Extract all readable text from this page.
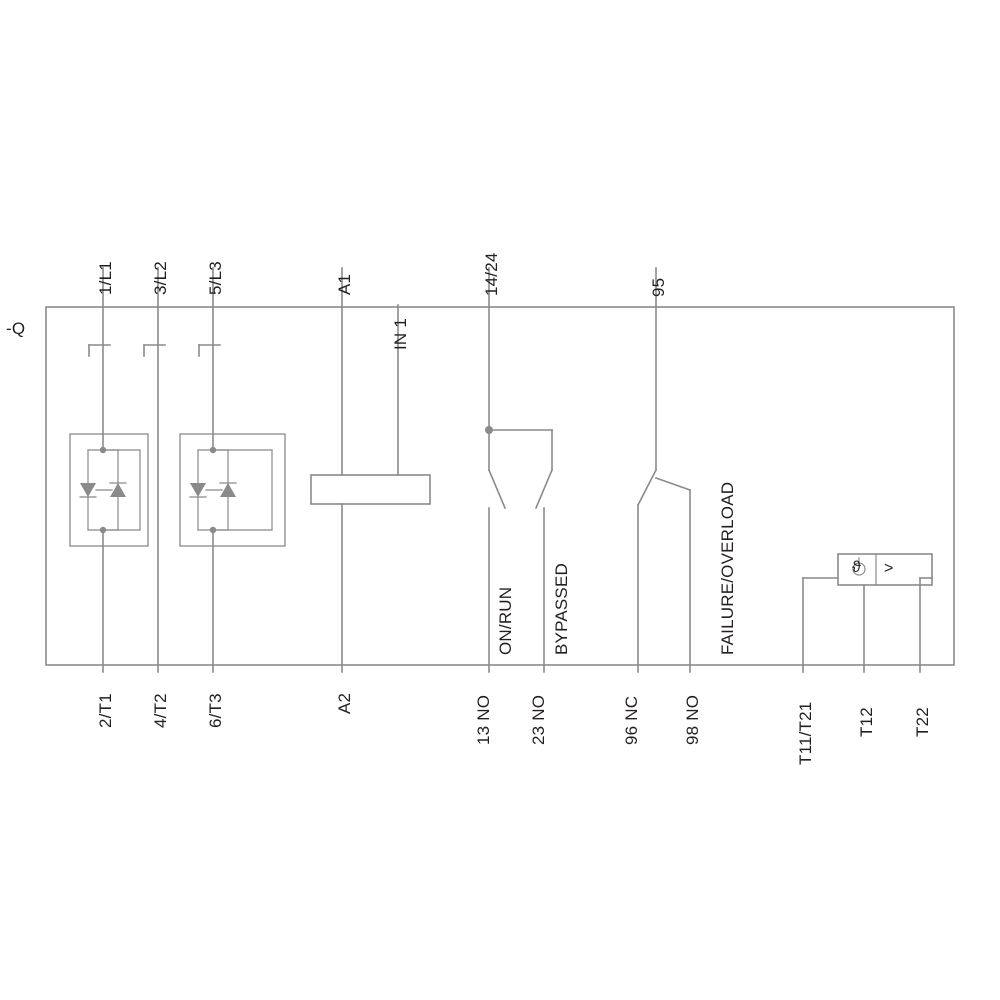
-Q
1/L1 3/L2 5/L3	A1
IN 1
14/24	95
2/T1 4/T2 6/T3	A2	13 NO 23 NO	96 NC 98 NO	T11/T21 T12 T22
ON/RUN BYPASSED	FAILURE/OVERLOAD	ϑ >
